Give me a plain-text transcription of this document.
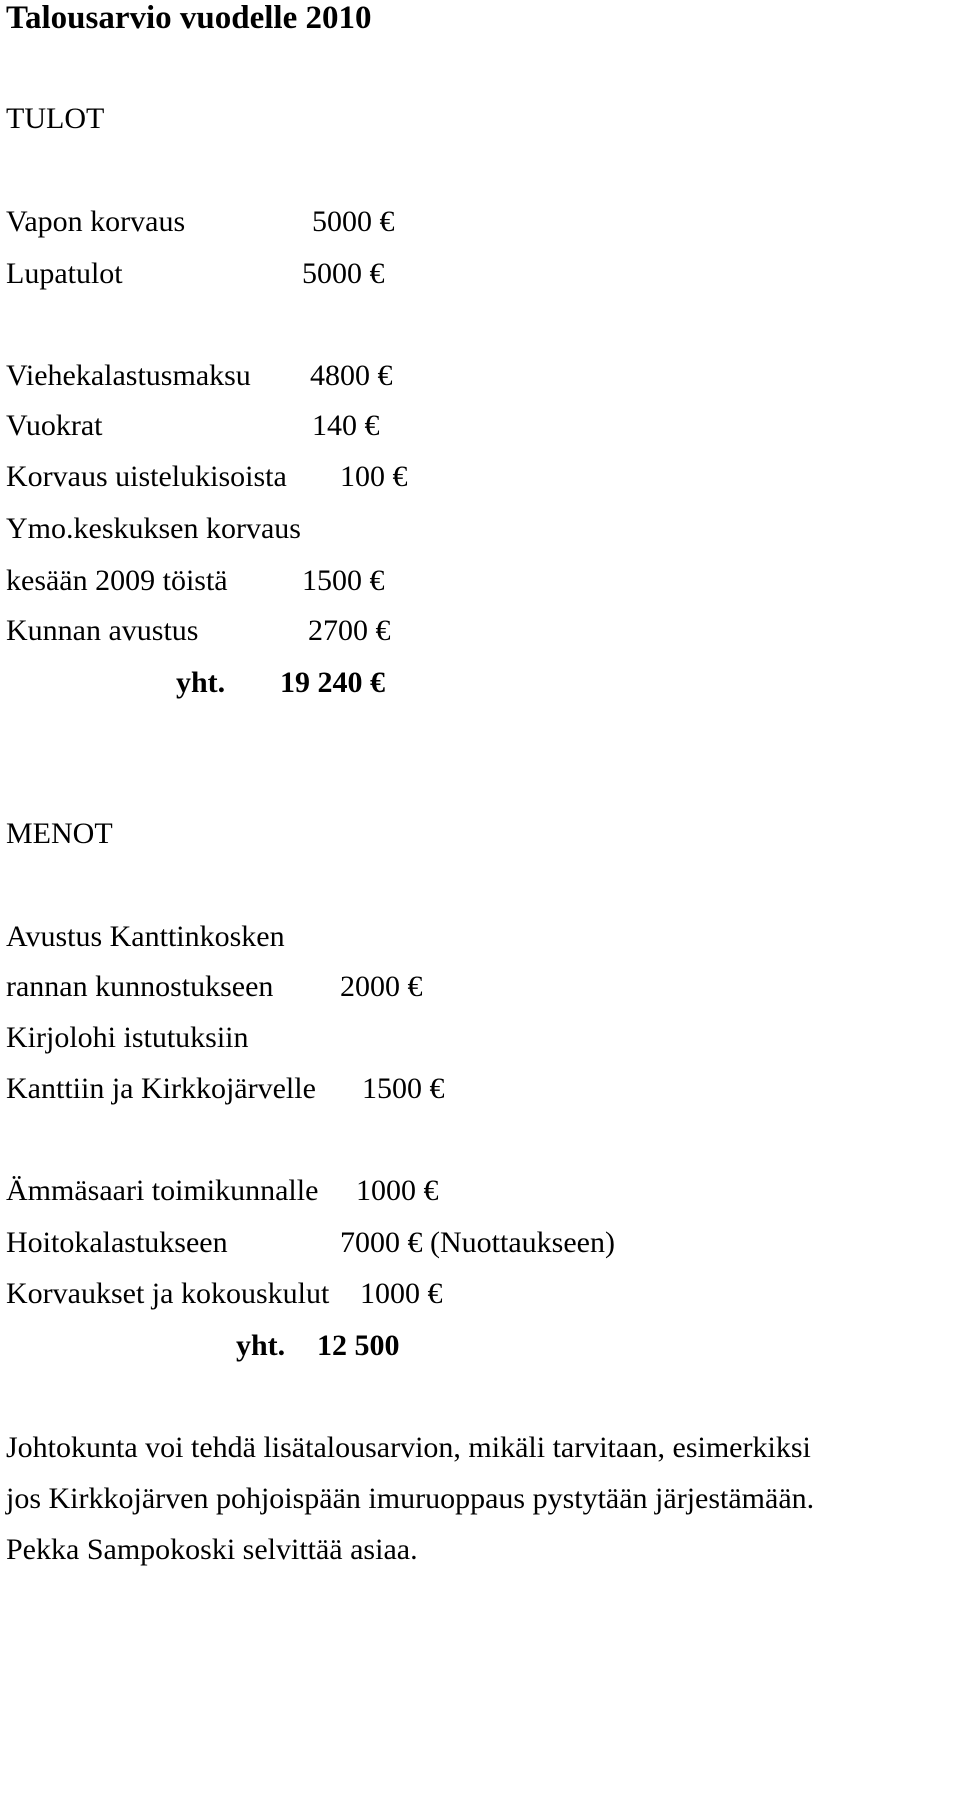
Talousarvio vuodelle 2010
TULOT
Vapon korvaus	5000 €
Lupatulot	5000 €
Viehekalastusmaksu 4800 €
Vuokrat	140 €
Korvaus uistelukisoista 100 €
Ymo.keskuksen korvaus
kesään 2009 töistä 1500 €
Kunnan avustus	2700 €
yht. 19 240 €
MENOT
Avustus Kanttinkosken
rannan kunnostukseen 2000 €
Kirjolohi istutuksiin
Kanttiin ja Kirkkojärvelle 1500 €
Ämmäsaari toimikunnalle 1000 €
Hoitokalastukseen	7000 € (Nuottaukseen)
Korvaukset ja kokouskulut 1000 €
yht. 12 500
Johtokunta voi tehdä lisätalousarvion, mikäli tarvitaan, esimerkiksi
jos Kirkkojärven pohjoispään imuruoppaus pystytään järjestämään.
Pekka Sampokoski selvittää asiaa.
